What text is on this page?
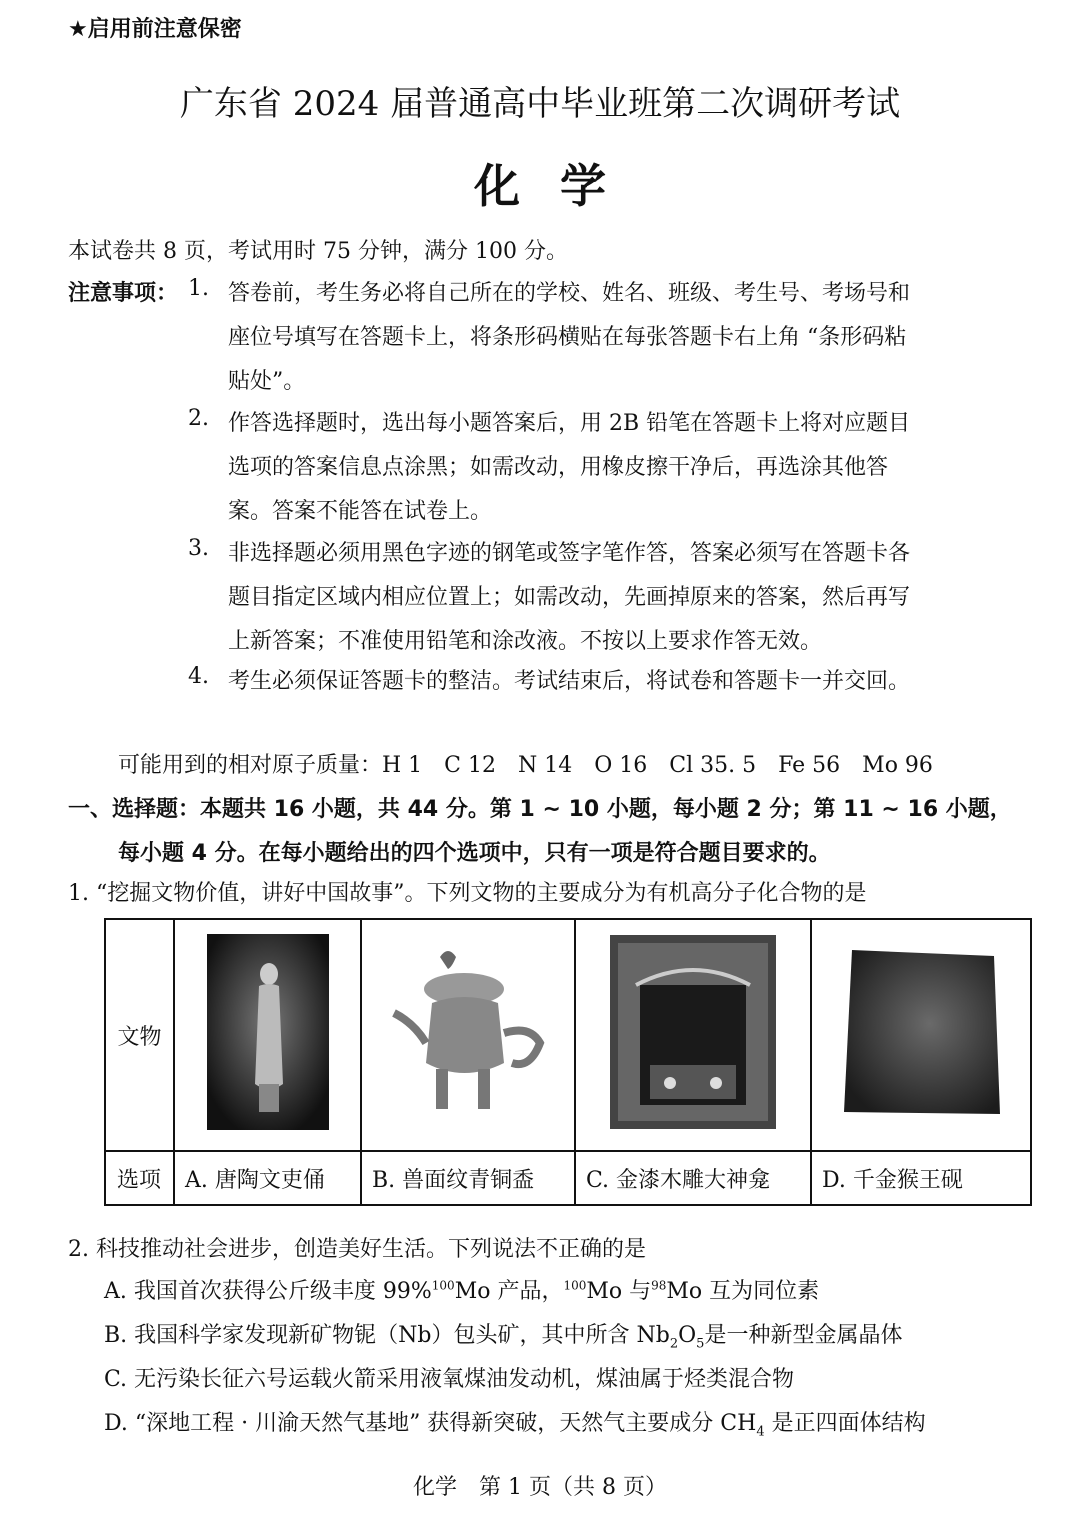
★启用前注意保密
广东省 2024 届普通高中毕业班第二次调研考试
化学
本试卷共 8 页，考试用时 75 分钟，满分 100 分。
注意事项： 1. 答卷前，考生务必将自己所在的学校、姓名、班级、考生号、考场号和
座位号填写在答题卡上，将条形码横贴在每张答题卡右上角 “条形码粘
贴处”。
2. 作答选择题时，选出每小题答案后，用 2B 铅笔在答题卡上将对应题目
选项的答案信息点涂黑；如需改动，用橡皮擦干净后，再选涂其他答
案。答案不能答在试卷上。
3. 非选择题必须用黑色字迹的钢笔或签字笔作答，答案必须写在答题卡各
题目指定区域内相应位置上；如需改动，先画掉原来的答案，然后再写
上新答案；不准使用铅笔和涂改液。不按以上要求作答无效。
4. 考生必须保证答题卡的整洁。考试结束后，将试卷和答题卡一并交回。
可能用到的相对原子质量：H 1　C 12　N 14　O 16　Cl 35. 5　Fe 56　Mo 96
一、选择题：本题共 16 小题，共 44 分。第 1 ~ 10 小题，每小题 2 分；第 11 ~ 16 小题，
每小题 4 分。在每小题给出的四个选项中，只有一项是符合题目要求的。
1. “挖掘文物价值，讲好中国故事”。下列文物的主要成分为有机高分子化合物的是
文物				
选项	A. 唐陶文吏俑	B. 兽面纹青铜盉	C. 金漆木雕大神龛	D. 千金猴王砚
2. 科技推动社会进步，创造美好生活。下列说法不正确的是
A. 我国首次获得公斤级丰度 99%$^{100}$Mo 产品，$^{100}$Mo 与$^{98}$Mo 互为同位素
B. 我国科学家发现新矿物铌（Nb）包头矿，其中所含 $Nb_2O_5$是一种新型金属晶体
C. 无污染长征六号运载火箭采用液氧煤油发动机，煤油属于烃类混合物
D. “深地工程 · 川渝天然气基地” 获得新突破，天然气主要成分 $CH_4$ 是正四面体结构
化学　第 1 页（共 8 页）
